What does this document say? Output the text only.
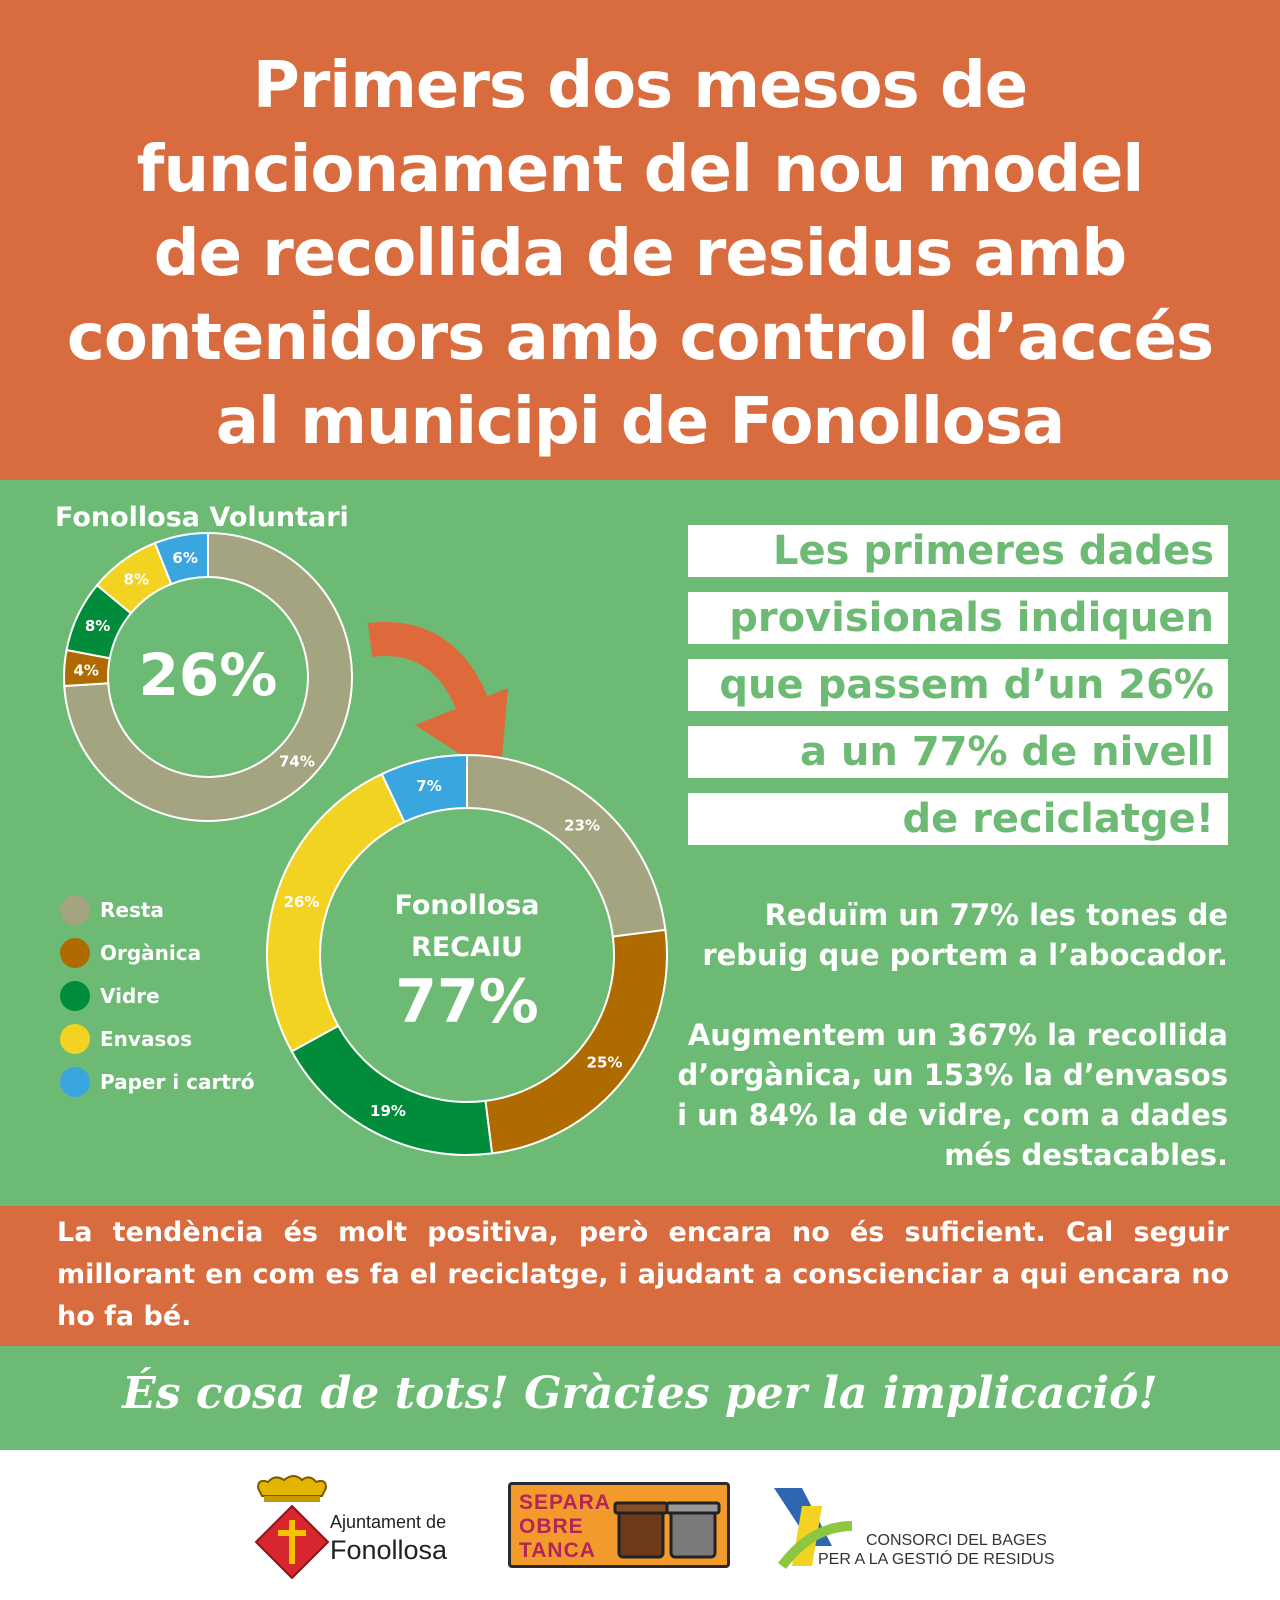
Primers dos mesos de
funcionament del nou model
de recollida de residus amb
contenidors amb control d’accés
al municipi de Fonollosa
Fonollosa Voluntari
74%
4%
8%
8%
6%
26%
23%
25%
19%
26%
7%
77%
Fonollosa
RECAIU
Resta
Orgànica
Vidre
Envasos
Paper i cartró
Les primeres dades
provisionals indiquen
que passem d’un 26%
a un 77% de nivell
de reciclatge!
Reduïm un 77% les tones de rebuig que portem a l’abocador.
Augmentem un 367% la recollida d’orgànica, un 153% la d’envasos i un 84% la de vidre, com a dades més destacables.
La tendència és molt positiva, però encara no és suficient. Cal seguir millorant en com es fa el reciclatge, i ajudant a conscienciar a qui encara no ho fa bé.
És cosa de tots! Gràcies per la implicació!
Ajuntament de
Fonollosa
SEPARA
OBRE
TANCA	CONSORCI DEL BAGES
PER A LA GESTIÓ DE RESIDUS
